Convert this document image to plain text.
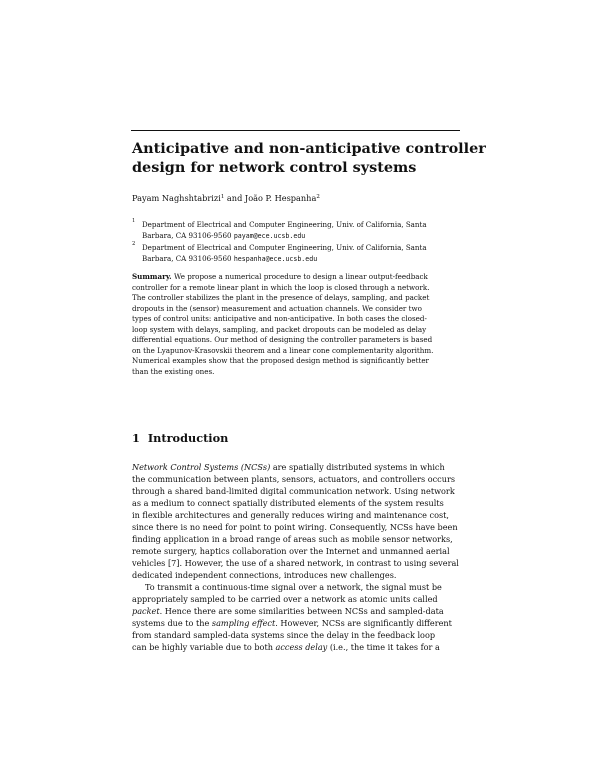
Anticipative and non-anticipative controller
design for network control systems
Payam Naghshtabrizi$^1$ and João P. Hespanha$^2$
1 Department of Electrical and Computer Engineering, Univ. of California, Santa
Barbara, CA 93106-9560 payam@ece.ucsb.edu
2 Department of Electrical and Computer Engineering, Univ. of California, Santa
Barbara, CA 93106-9560 hespanha@ece.ucsb.edu
Summary. We propose a numerical procedure to design a linear output-feedback
controller for a remote linear plant in which the loop is closed through a network.
The controller stabilizes the plant in the presence of delays, sampling, and packet
dropouts in the (sensor) measurement and actuation channels. We consider two
types of control units: anticipative and non-anticipative. In both cases the closed-
loop system with delays, sampling, and packet dropouts can be modeled as delay
differential equations. Our method of designing the controller parameters is based
on the Lyapunov-Krasovskii theorem and a linear cone complementarity algorithm.
Numerical examples show that the proposed design method is significantly better
than the existing ones.
1 Introduction
Network Control Systems (NCSs) are spatially distributed systems in which
the communication between plants, sensors, actuators, and controllers occurs
through a shared band-limited digital communication network. Using network
as a medium to connect spatially distributed elements of the system results
in flexible architectures and generally reduces wiring and maintenance cost,
since there is no need for point to point wiring. Consequently, NCSs have been
finding application in a broad range of areas such as mobile sensor networks,
remote surgery, haptics collaboration over the Internet and unmanned aerial
vehicles [7]. However, the use of a shared network, in contrast to using several
dedicated independent connections, introduces new challenges.
To transmit a continuous-time signal over a network, the signal must be
appropriately sampled to be carried over a network as atomic units called
packet. Hence there are some similarities between NCSs and sampled-data
systems due to the sampling effect. However, NCSs are significantly different
from standard sampled-data systems since the delay in the feedback loop
can be highly variable due to both access delay (i.e., the time it takes for a
